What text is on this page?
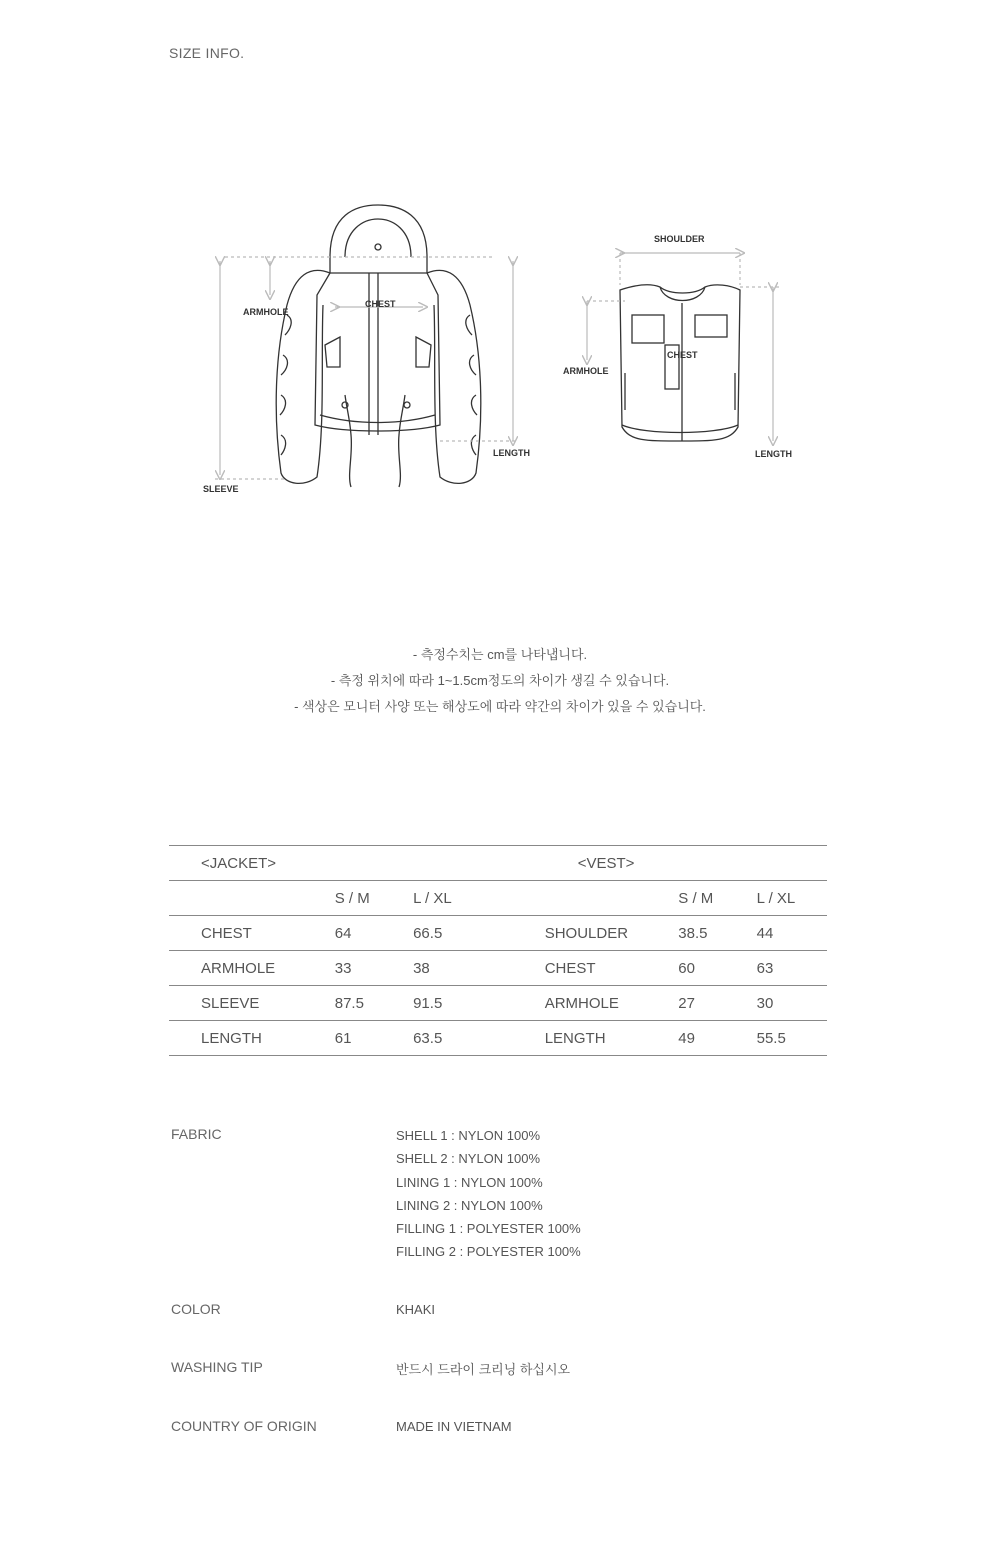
SIZE INFO.
ARMHOLE
CHEST
SLEEVE
LENGTH
SHOULDER
ARMHOLE
CHEST
LENGTH
- 측정수치는 cm를 나타냅니다.
- 측정 위치에 따라 1~1.5cm정도의 차이가 생길 수 있습니다.
- 색상은 모니터 사양 또는 해상도에 따라 약간의 차이가 있을 수 있습니다.
<JACKET>			<VEST>		
	S / M	L / XL		S / M	L / XL
CHEST	64	66.5	SHOULDER	38.5	44
ARMHOLE	33	38	CHEST	60	63
SLEEVE	87.5	91.5	ARMHOLE	27	30
LENGTH	61	63.5	LENGTH	49	55.5
FABRIC	SHELL 1 : NYLON 100%
SHELL 2 : NYLON 100%
LINING 1 : NYLON 100%
LINING 2 : NYLON 100%
FILLING 1 : POLYESTER 100%
FILLING 2 : POLYESTER 100%
COLOR	KHAKI
WASHING TIP	반드시 드라이 크리닝 하십시오
COUNTRY OF ORIGIN	MADE IN VIETNAM
